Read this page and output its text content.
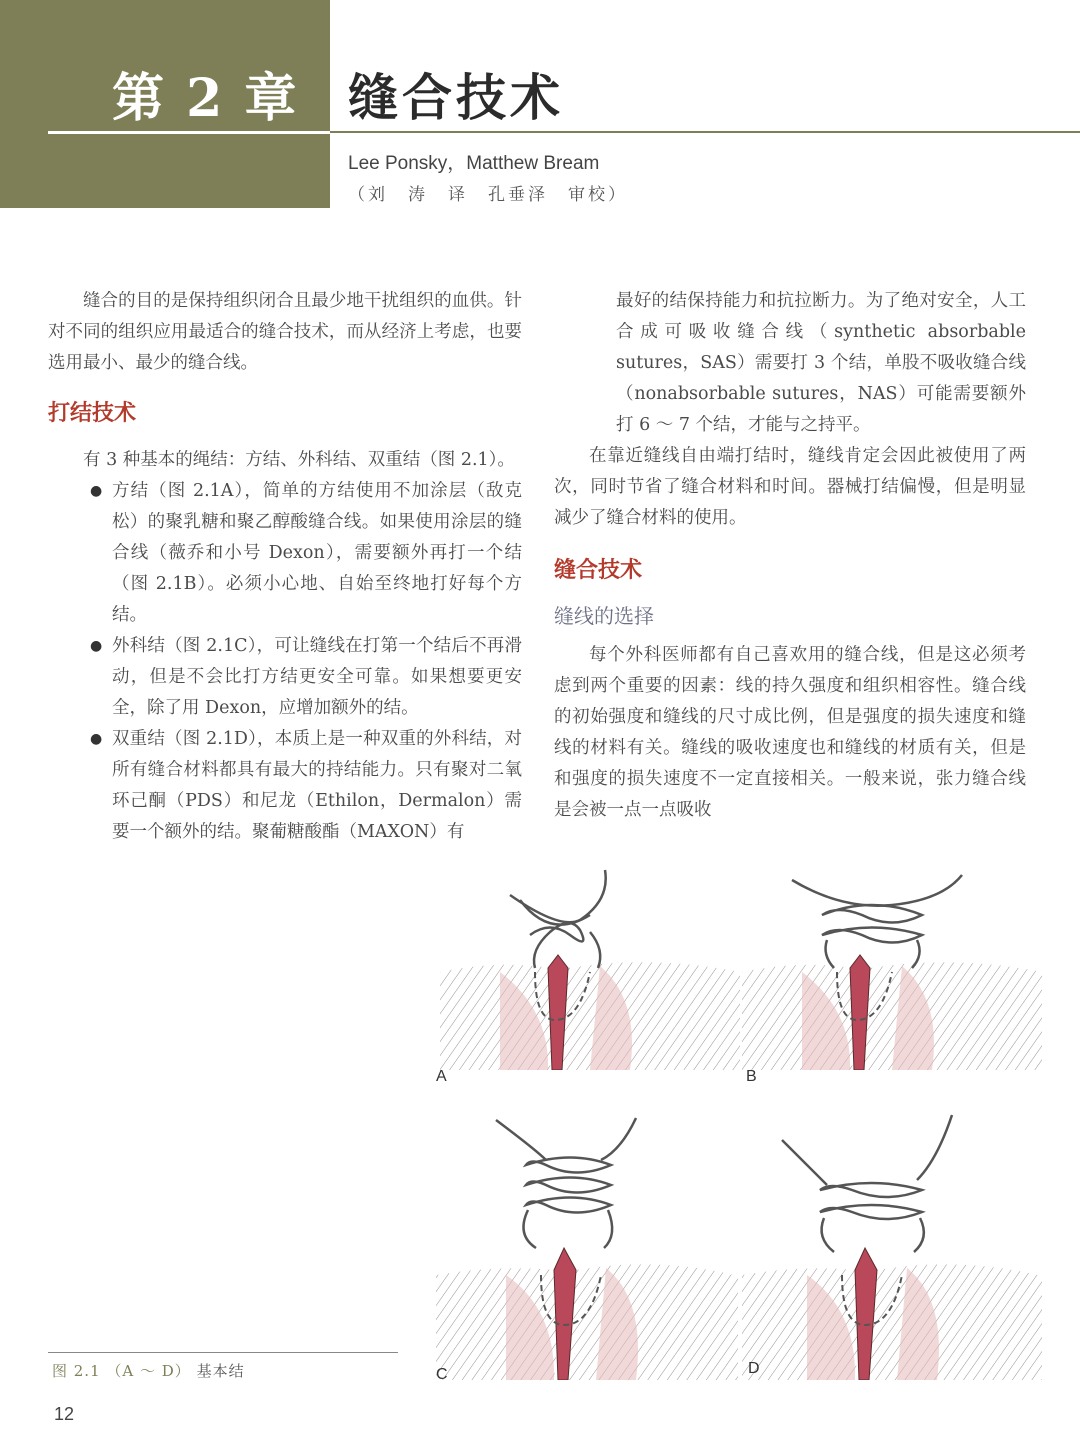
第 2 章 缝合技术
Lee Ponsky，Matthew Bream
（刘　涛　译　孔垂泽　审校）

缝合的目的是保持组织闭合且最少地干扰组织的血供。针对不同的组织应用最适合的缝合技术，而从经济上考虑，也要选用最小、最少的缝合线。

打结技术

有 3 种基本的绳结：方结、外科结、双重结（图 2.1）。

● 方结（图 2.1A），简单的方结使用不加涂层（敌克松）的聚乳糖和聚乙醇酸缝合线。如果使用涂层的缝合线（薇乔和小号 Dexon），需要额外再打一个结（图 2.1B）。必须小心地、自始至终地打好每个方结。
● 外科结（图 2.1C），可让缝线在打第一个结后不再滑动，但是不会比打方结更安全可靠。如果想要更安全，除了用 Dexon，应增加额外的结。
● 双重结（图 2.1D），本质上是一种双重的外科结，对所有缝合材料都具有最大的持结能力。只有聚对二氧环己酮（PDS）和尼龙（Ethilon，Dermalon）需要一个额外的结。聚葡糖酸酯（MAXON）有

最好的结保持能力和抗拉断力。为了绝对安全，人工合成可吸收缝合线（synthetic absorbable sutures，SAS）需要打 3 个结，单股不吸收缝合线（nonabsorbable sutures，NAS）可能需要额外打 6 ～ 7 个结，才能与之持平。

在靠近缝线自由端打结时，缝线肯定会因此被使用了两次，同时节省了缝合材料和时间。器械打结偏慢，但是明显减少了缝合材料的使用。

缝合技术
缝线的选择

每个外科医师都有自己喜欢用的缝合线，但是这必须考虑到两个重要的因素：线的持久强度和组织相容性。缝合线的初始强度和缝线的尺寸成比例，但是强度的损失速度和缝线的材料有关。缝线的吸收速度也和缝线的材质有关，但是和强度的损失速度不一定直接相关。一般来说，张力缝合线是会被一点一点吸收

A	B
C	D
图 2.1 （A ～ D） 基本结
12
